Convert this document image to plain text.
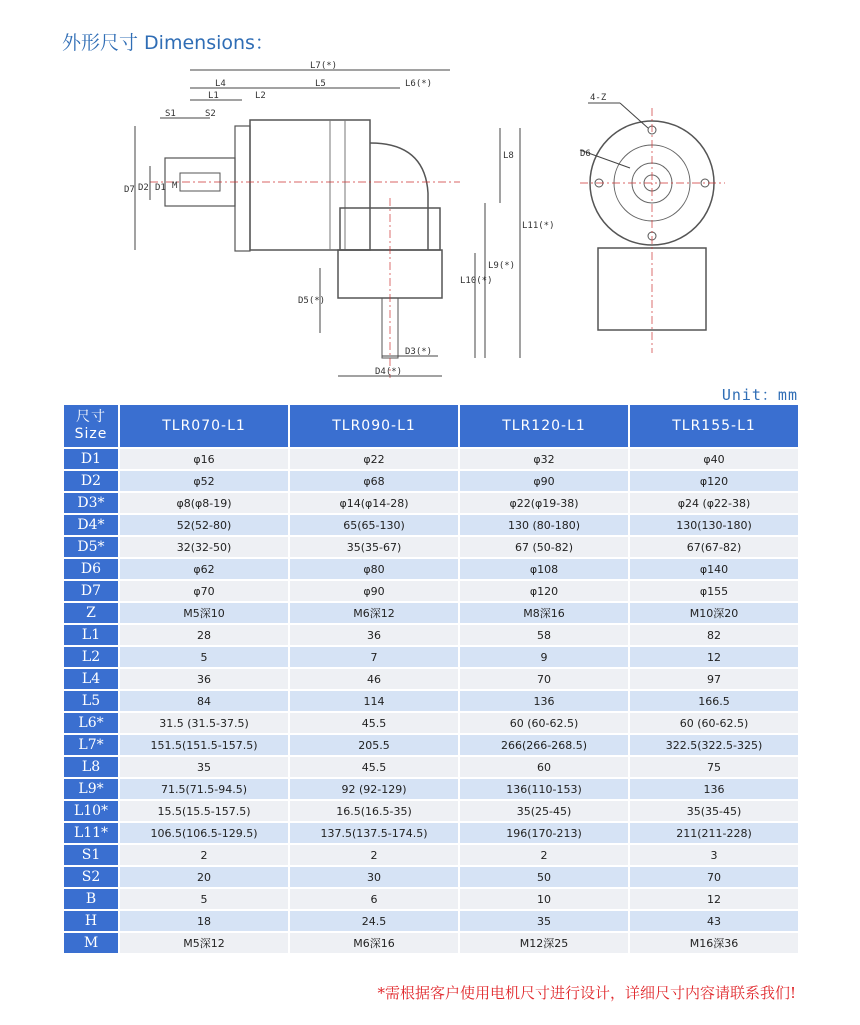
外形尺寸 Dimensions：
L7(*)
L4	L5	L6(*)
L1	L2
S1	S2
D7 D2 D1 M
L8
L11(*)
L9(*)
L10(*)
D5(*)
D3(*)
D4(*)
4-Z
D6
Unit：mm
尺寸
Size	TLR070-L1	TLR090-L1	TLR120-L1	TLR155-L1
D1	φ16	φ22	φ32	φ40
D2	φ52	φ68	φ90	φ120
D3*	φ8(φ8-19)	φ14(φ14-28)	φ22(φ19-38)	φ24 (φ22-38)
D4*	52(52-80)	65(65-130)	130 (80-180)	130(130-180)
D5*	32(32-50)	35(35-67)	67 (50-82)	67(67-82)
D6	φ62	φ80	φ108	φ140
D7	φ70	φ90	φ120	φ155
Z	M5深10	M6深12	M8深16	M10深20
L1	28	36	58	82
L2	5	7	9	12
L4	36	46	70	97
L5	84	114	136	166.5
L6*	31.5 (31.5-37.5)	45.5	60 (60-62.5)	60 (60-62.5)
L7*	151.5(151.5-157.5)	205.5	266(266-268.5)	322.5(322.5-325)
L8	35	45.5	60	75
L9*	71.5(71.5-94.5)	92 (92-129)	136(110-153)	136
L10*	15.5(15.5-157.5)	16.5(16.5-35)	35(25-45)	35(35-45)
L11*	106.5(106.5-129.5)	137.5(137.5-174.5)	196(170-213)	211(211-228)
S1	2	2	2	3
S2	20	30	50	70
B	5	6	10	12
H	18	24.5	35	43
M	M5深12	M6深16	M12深25	M16深36
*需根据客户使用电机尺寸进行设计，详细尺寸内容请联系我们!
